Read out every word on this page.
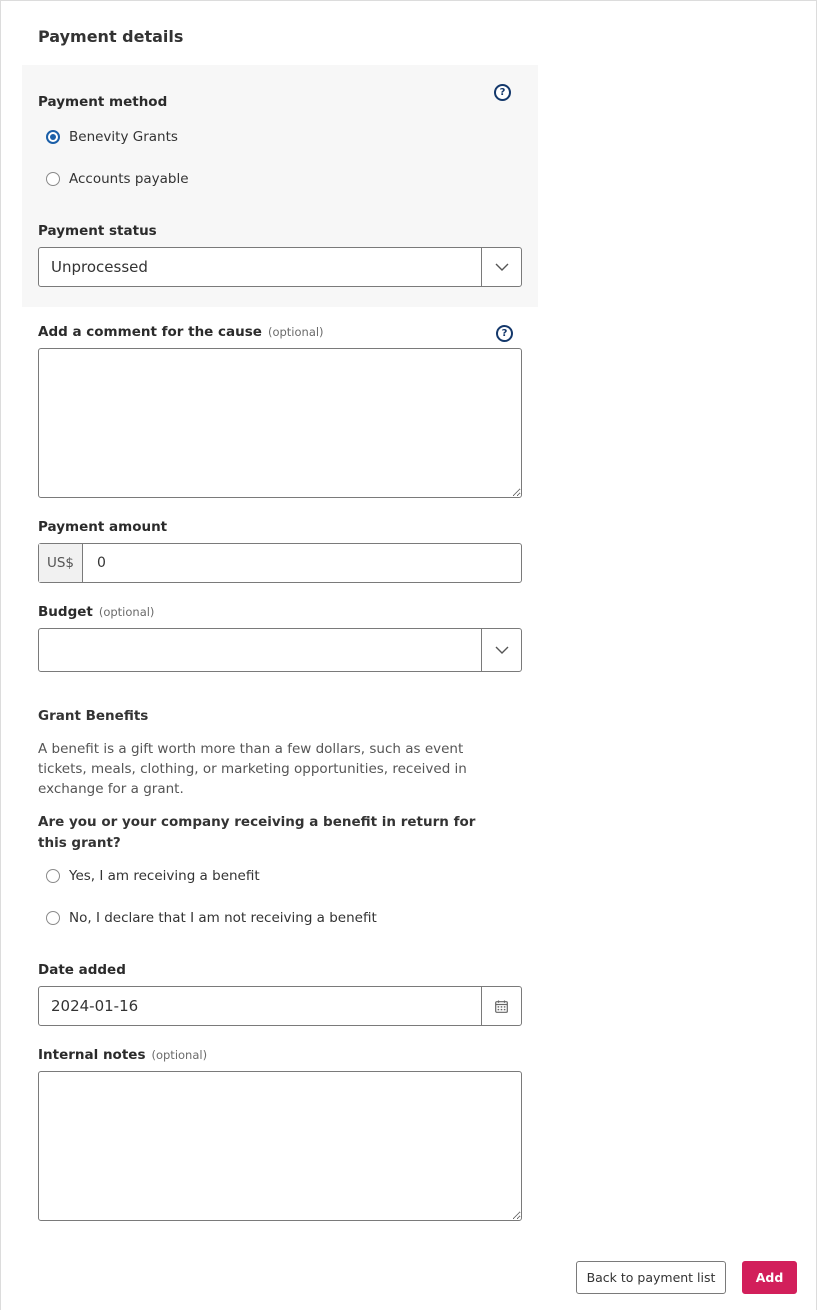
Payment details
Payment method
?
Benevity Grants
Accounts payable
Payment status
Unprocessed
Add a comment for the cause (optional)	?
Payment amount
US$
0
Budget (optional)
Grant Benefits
A benefit is a gift worth more than a few dollars, such as event tickets, meals, clothing, or marketing opportunities, received in exchange for a grant.
Are you or your company receiving a benefit in return for this grant?
Yes, I am receiving a benefit
No, I declare that I am not receiving a benefit
Date added
2024-01-16
Internal notes (optional)
Back to payment list	Add
